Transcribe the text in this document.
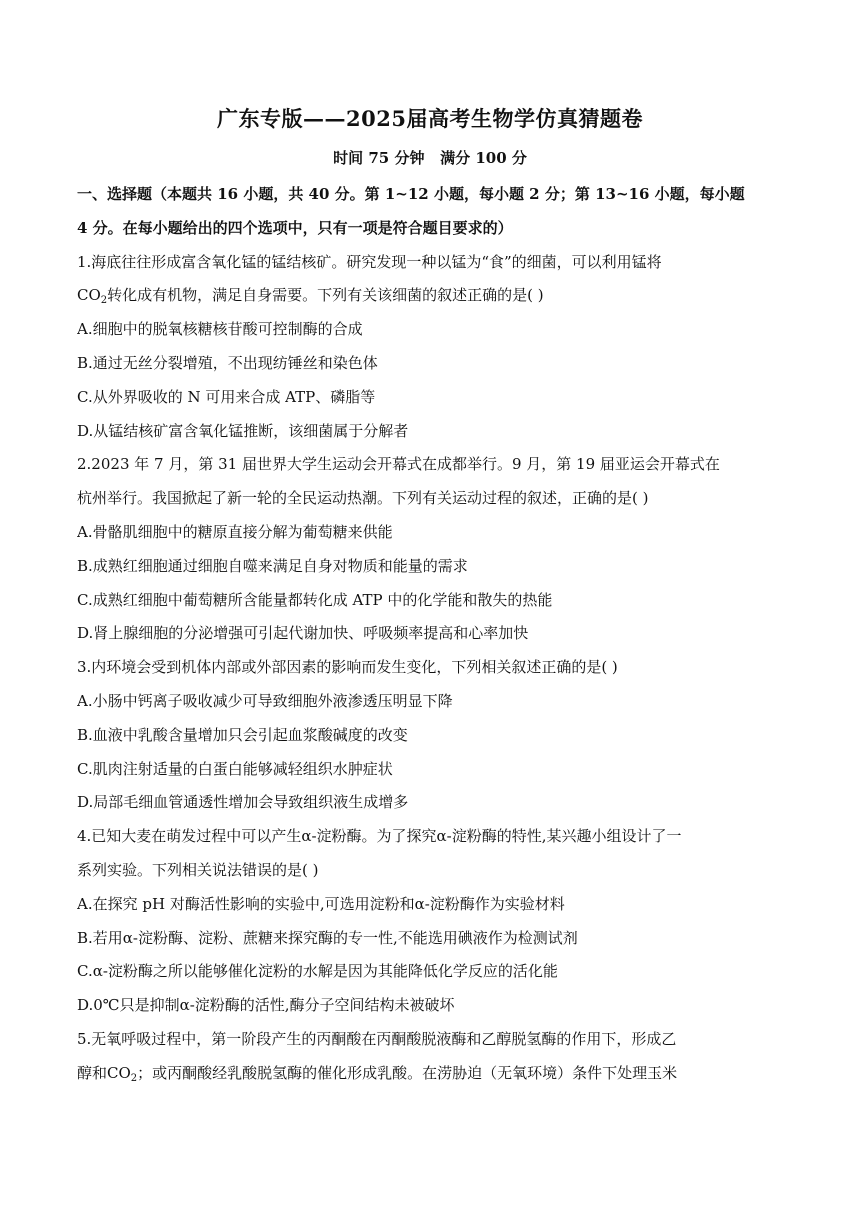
广东专版——2025届高考生物学仿真猜题卷
时间 75 分钟   满分 100 分
一、选择题（本题共 16 小题，共 40 分。第 1~12 小题，每小题 2 分；第 13~16 小题，每小题
4 分。在每小题给出的四个选项中，只有一项是符合题目要求的）
1.海底往往形成富含氧化锰的锰结核矿。研究发现一种以锰为“食”的细菌，可以利用锰将
$CO_2$转化成有机物，满足自身需要。下列有关该细菌的叙述正确的是( )
A.细胞中的脱氧核糖核苷酸可控制酶的合成
B.通过无丝分裂增殖，不出现纺锤丝和染色体
C.从外界吸收的 N 可用来合成 ATP、磷脂等
D.从锰结核矿富含氧化锰推断，该细菌属于分解者
2.2023 年 7 月，第 31 届世界大学生运动会开幕式在成都举行。9 月，第 19 届亚运会开幕式在
杭州举行。我国掀起了新一轮的全民运动热潮。下列有关运动过程的叙述，正确的是( )
A.骨骼肌细胞中的糖原直接分解为葡萄糖来供能
B.成熟红细胞通过细胞自噬来满足自身对物质和能量的需求
C.成熟红细胞中葡萄糖所含能量都转化成 ATP 中的化学能和散失的热能
D.肾上腺细胞的分泌增强可引起代谢加快、呼吸频率提高和心率加快
3.内环境会受到机体内部或外部因素的影响而发生变化，下列相关叙述正确的是( )
A.小肠中钙离子吸收减少可导致细胞外液渗透压明显下降
B.血液中乳酸含量增加只会引起血浆酸碱度的改变
C.肌肉注射适量的白蛋白能够减轻组织水肿症状
D.局部毛细血管通透性增加会导致组织液生成增多
4.已知大麦在萌发过程中可以产生α-淀粉酶。为了探究α-淀粉酶的特性,某兴趣小组设计了一
系列实验。下列相关说法错误的是( )
A.在探究 pH 对酶活性影响的实验中,可选用淀粉和α-淀粉酶作为实验材料
B.若用α-淀粉酶、淀粉、蔗糖来探究酶的专一性,不能选用碘液作为检测试剂
C.α-淀粉酶之所以能够催化淀粉的水解是因为其能降低化学反应的活化能
D.0℃只是抑制α-淀粉酶的活性,酶分子空间结构未被破坏
5.无氧呼吸过程中，第一阶段产生的丙酮酸在丙酮酸脱液酶和乙醇脱氢酶的作用下，形成乙
醇和$CO_2$；或丙酮酸经乳酸脱氢酶的催化形成乳酸。在涝胁迫（无氧环境）条件下处理玉米
